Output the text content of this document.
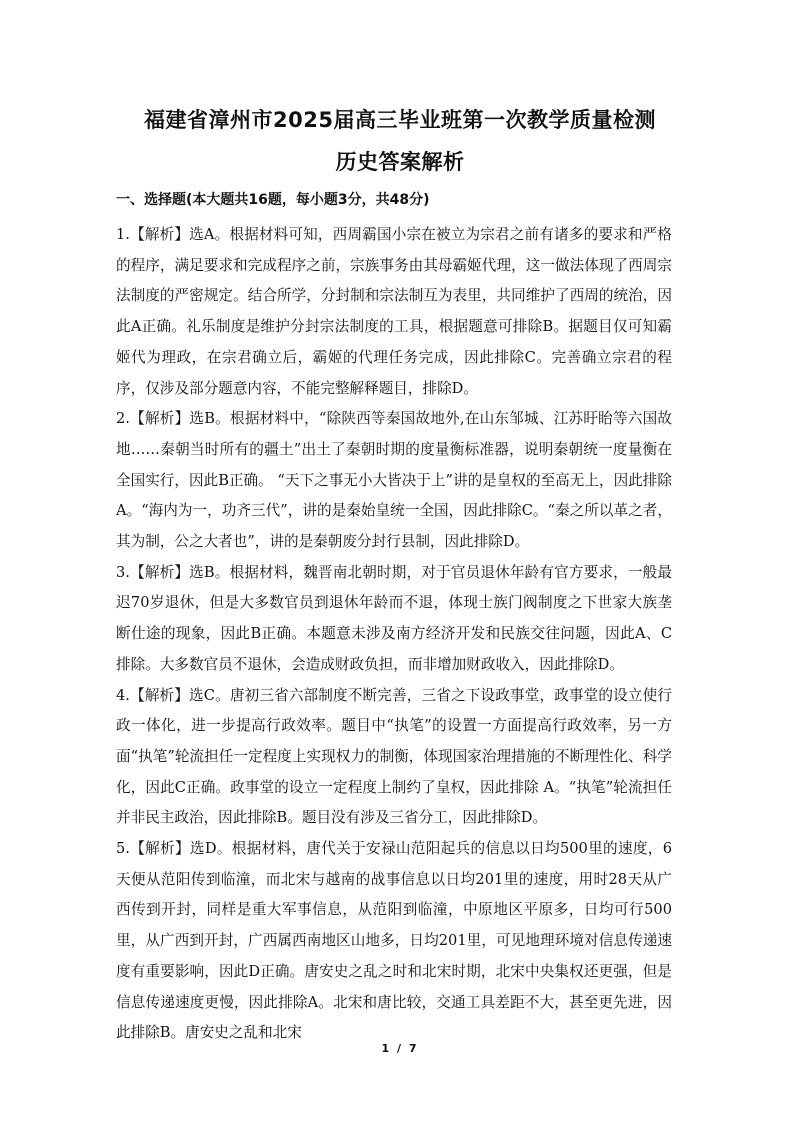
福建省漳州市2025届高三毕业班第一次教学质量检测
历史答案解析
一、选择题(本大题共16题，每小题3分，共48分)

1.【解析】选A。根据材料可知，西周霸国小宗在被立为宗君之前有诸多的要求和严格的程序，满足要求和完成程序之前，宗族事务由其母霸姬代理，这一做法体现了西周宗法制度的严密规定。结合所学，分封制和宗法制互为表里，共同维护了西周的统治，因此A正确。礼乐制度是维护分封宗法制度的工具，根据题意可排除B。据题目仅可知霸姬代为理政，在宗君确立后，霸姬的代理任务完成，因此排除C。完善确立宗君的程序，仅涉及部分题意内容，不能完整解释题目，排除D。

2.【解析】选B。根据材料中，“除陕西等秦国故地外,在山东邹城、江苏盱眙等六国故地……秦朝当时所有的疆土”出土了秦朝时期的度量衡标准器，说明秦朝统一度量衡在全国实行，因此B正确。 “天下之事无小大皆决于上”讲的是皇权的至高无上，因此排除A。“海内为一，功齐三代”，讲的是秦始皇统一全国，因此排除C。“秦之所以革之者，其为制，公之大者也”，讲的是秦朝废分封行县制，因此排除D。

3.【解析】选B。根据材料，魏晋南北朝时期，对于官员退休年龄有官方要求，一般最迟70岁退休，但是大多数官员到退休年龄而不退，体现士族门阀制度之下世家大族垄断仕途的现象，因此B正确。本题意未涉及南方经济开发和民族交往问题，因此A、C排除。大多数官员不退休，会造成财政负担，而非增加财政收入，因此排除D。

4.【解析】选C。唐初三省六部制度不断完善，三省之下设政事堂，政事堂的设立使行政一体化，进一步提高行政效率。题目中“执笔”的设置一方面提高行政效率，另一方面“执笔”轮流担任一定程度上实现权力的制衡，体现国家治理措施的不断理性化、科学化，因此C正确。政事堂的设立一定程度上制约了皇权，因此排除 A。“执笔”轮流担任并非民主政治，因此排除B。题目没有涉及三省分工，因此排除D。

5.【解析】选D。根据材料，唐代关于安禄山范阳起兵的信息以日均500里的速度，6天便从范阳传到临潼，而北宋与越南的战事信息以日均201里的速度，用时28天从广西传到开封，同样是重大军事信息，从范阳到临潼，中原地区平原多，日均可行500里，从广西到开封，广西属西南地区山地多，日均201里，可见地理环境对信息传递速度有重要影响，因此D正确。唐安史之乱之时和北宋时期，北宋中央集权还更强，但是信息传递速度更慢，因此排除A。北宋和唐比较，交通工具差距不大，甚至更先进，因此排除B。唐安史之乱和北宋

1 / 7
